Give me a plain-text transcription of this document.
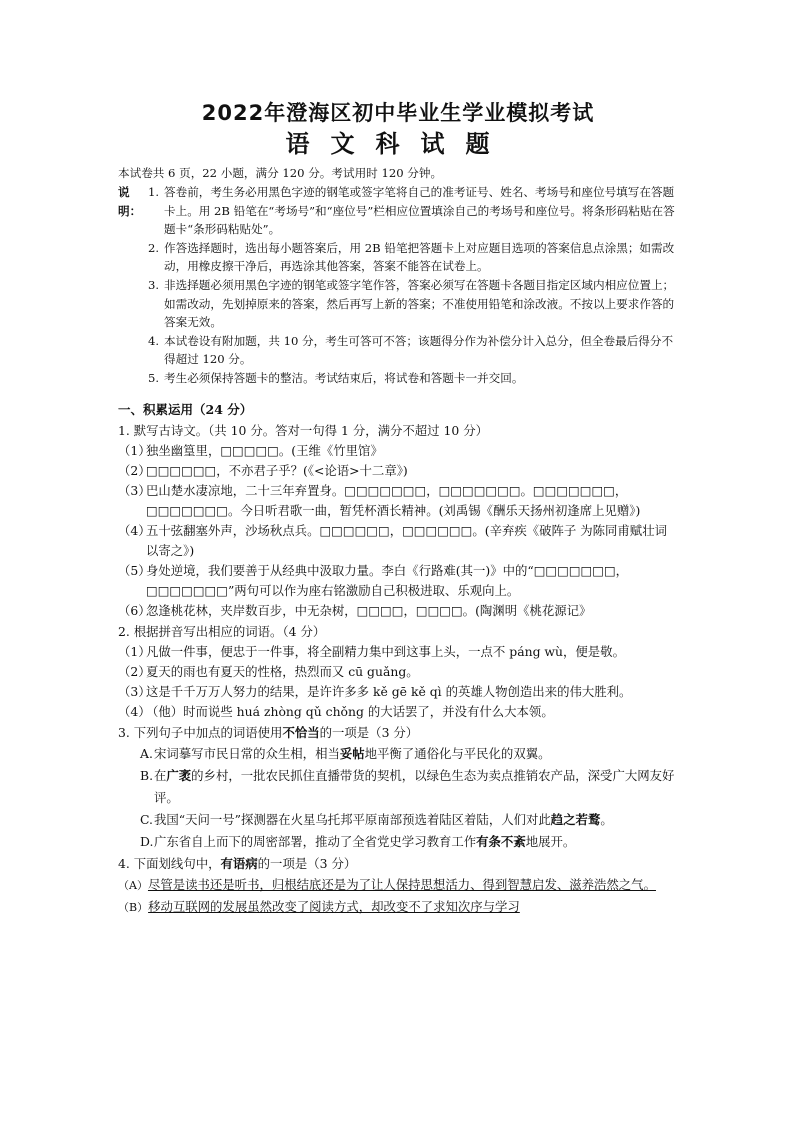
2022年澄海区初中毕业生学业模拟考试
语文科试题
本试卷共 6 页，22 小题，满分 120 分。考试用时 120 分钟。
说明：
1. 答卷前，考生务必用黑色字迹的钢笔或签字笔将自己的准考证号、姓名、考场号和座位号填写在答题卡上。用 2B 铅笔在“考场号”和“座位号”栏相应位置填涂自己的考场号和座位号。将条形码粘贴在答题卡“条形码粘贴处”。
2. 作答选择题时，选出每小题答案后，用 2B 铅笔把答题卡上对应题目选项的答案信息点涂黑；如需改动，用橡皮擦干净后，再选涂其他答案，答案不能答在试卷上。
3. 非选择题必须用黑色字迹的钢笔或签字笔作答，答案必须写在答题卡各题目指定区域内相应位置上；如需改动，先划掉原来的答案，然后再写上新的答案；不准使用铅笔和涂改液。不按以上要求作答的答案无效。
4. 本试卷设有附加题，共 10 分，考生可答可不答；该题得分作为补偿分计入总分，但全卷最后得分不得超过 120 分。
5. 考生必须保持答题卡的整洁。考试结束后，将试卷和答题卡一并交回。
一、积累运用（24 分）
1. 默写古诗文。（共 10 分。答对一句得 1 分，满分不超过 10 分）
（1）
独坐幽篁里，□□□□□。(王维《竹里馆》
（2）
□□□□□□，不亦君子乎？(《<论语>十二章》)
（3）
巴山楚水凄凉地，二十三年弃置身。□□□□□□□，□□□□□□□。□□□□□□□，□□□□□□□。今日听君歌一曲，暂凭杯酒长精神。(刘禹锡《酬乐天扬州初逢席上见赠》)
（4）
五十弦翻塞外声，沙场秋点兵。□□□□□□，□□□□□□。(辛弃疾《破阵子 为陈同甫赋壮词以寄之》)
（5）
身处逆境，我们要善于从经典中汲取力量。李白《行路难(其一)》中的“□□□□□□□，□□□□□□□”两句可以作为座右铭激励自己积极进取、乐观向上。
（6）
忽逢桃花林，夹岸数百步，中无杂树，□□□□，□□□□。(陶渊明《桃花源记》
2. 根据拼音写出相应的词语。（4 分）
（1）
凡做一件事，便忠于一件事，将全副精力集中到这事上头，一点不 páng wù，便是敬。
（2）
夏天的雨也有夏天的性格，热烈而又 cū guǎng。
（3）
这是千千万万人努力的结果，是许许多多 kě gē kě qì 的英雄人物创造出来的伟大胜利。
（4）
（他）时而说些 huá zhòng qǔ chǒng 的大话罢了，并没有什么大本领。
3. 下列句子中加点的词语使用不恰当的一项是（3 分）
A. 宋词摹写市民日常的众生相，相当妥帖地平衡了通俗化与平民化的双翼。
B. 在广袤的乡村，一批农民抓住直播带货的契机，以绿色生态为卖点推销农产品，深受广大网友好评。
C. 我国“天问一号”探测器在火星乌托邦平原南部预选着陆区着陆，人们对此趋之若鹜。
D. 广东省自上而下的周密部署，推动了全省党史学习教育工作有条不紊地展开。
4. 下面划线句中，有语病的一项是（3 分）
（A）尽管是读书还是听书，归根结底还是为了让人保持思想活力、得到智慧启发、滋养浩然之气。（B）移动互联网的发展虽然改变了阅读方式，却改变不了求知次序与学习
